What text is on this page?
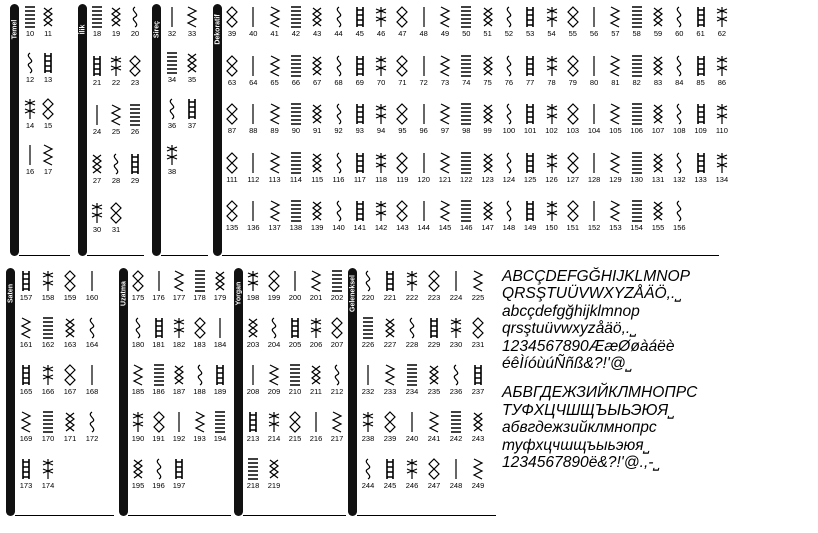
Temel 10	11
12	13
14	15
16	17
İlik 18	19	20
21	22	23
24	25	26
27	28	29
30	31
Sireç 32	33
34	35
36	37
38
Dekoratif 39	40	41	42	43	44	45	46	47	48	49	50	51	52	53	54	55	56	57	58	59	60	61	62
63	64	65	66	67	68	69	70	71	72	73	74	75	76	77	78	79	80	81	82	83	84	85	86
87	88	89	90	91	92	93	94	95	96	97	98	99	100	101	102	103	104	105	106	107	108	109	110
111	112	113	114	115	116	117	118	119	120	121	122	123	124	125	126	127	128	129	130	131	132	133	134
135	136	137	138	139	140	141	142	143	144	145	146	147	148	149	150	151	152	153	154	155	156
Saten 157	158	159	160
161	162	163	164
165	166	167	168
169	170	171	172
173	174
Uzatma 175	176	177	178	179
180	181	182	183	184
185	186	187	188	189
190	191	192	193	194
195	196	197
Yorgan 198	199	200	201	202
203	204	205	206	207
208	209	210	211	212
213	214	215	216	217
218	219
Geleneksel 220	221	222	223	224	225
226	227	228	229	230	231
232	233	234	235	236	237
238	239	240	241	242	243
244	245	246	247	248	249
ABCÇDEFGĞHIJKLMNOP
QRSŞTUÜVWXYZÅÄÖ,.⎵
abcçdefgğhijklmnop
qrsştuüvwxyzåäö,.⎵
1234567890ÆæØøàáëè
éêÌíóùúÑñß&?!'@⎵
АБВГДЕЖЗИЙКЛМНОПРС
ТУФХЦЧШЩЪЫЬЭЮЯ⎵
абвгдежзийклмнопрс
туфхцчшщъыьэюя⎵
1234567890ё&?!'@.,-⎵
